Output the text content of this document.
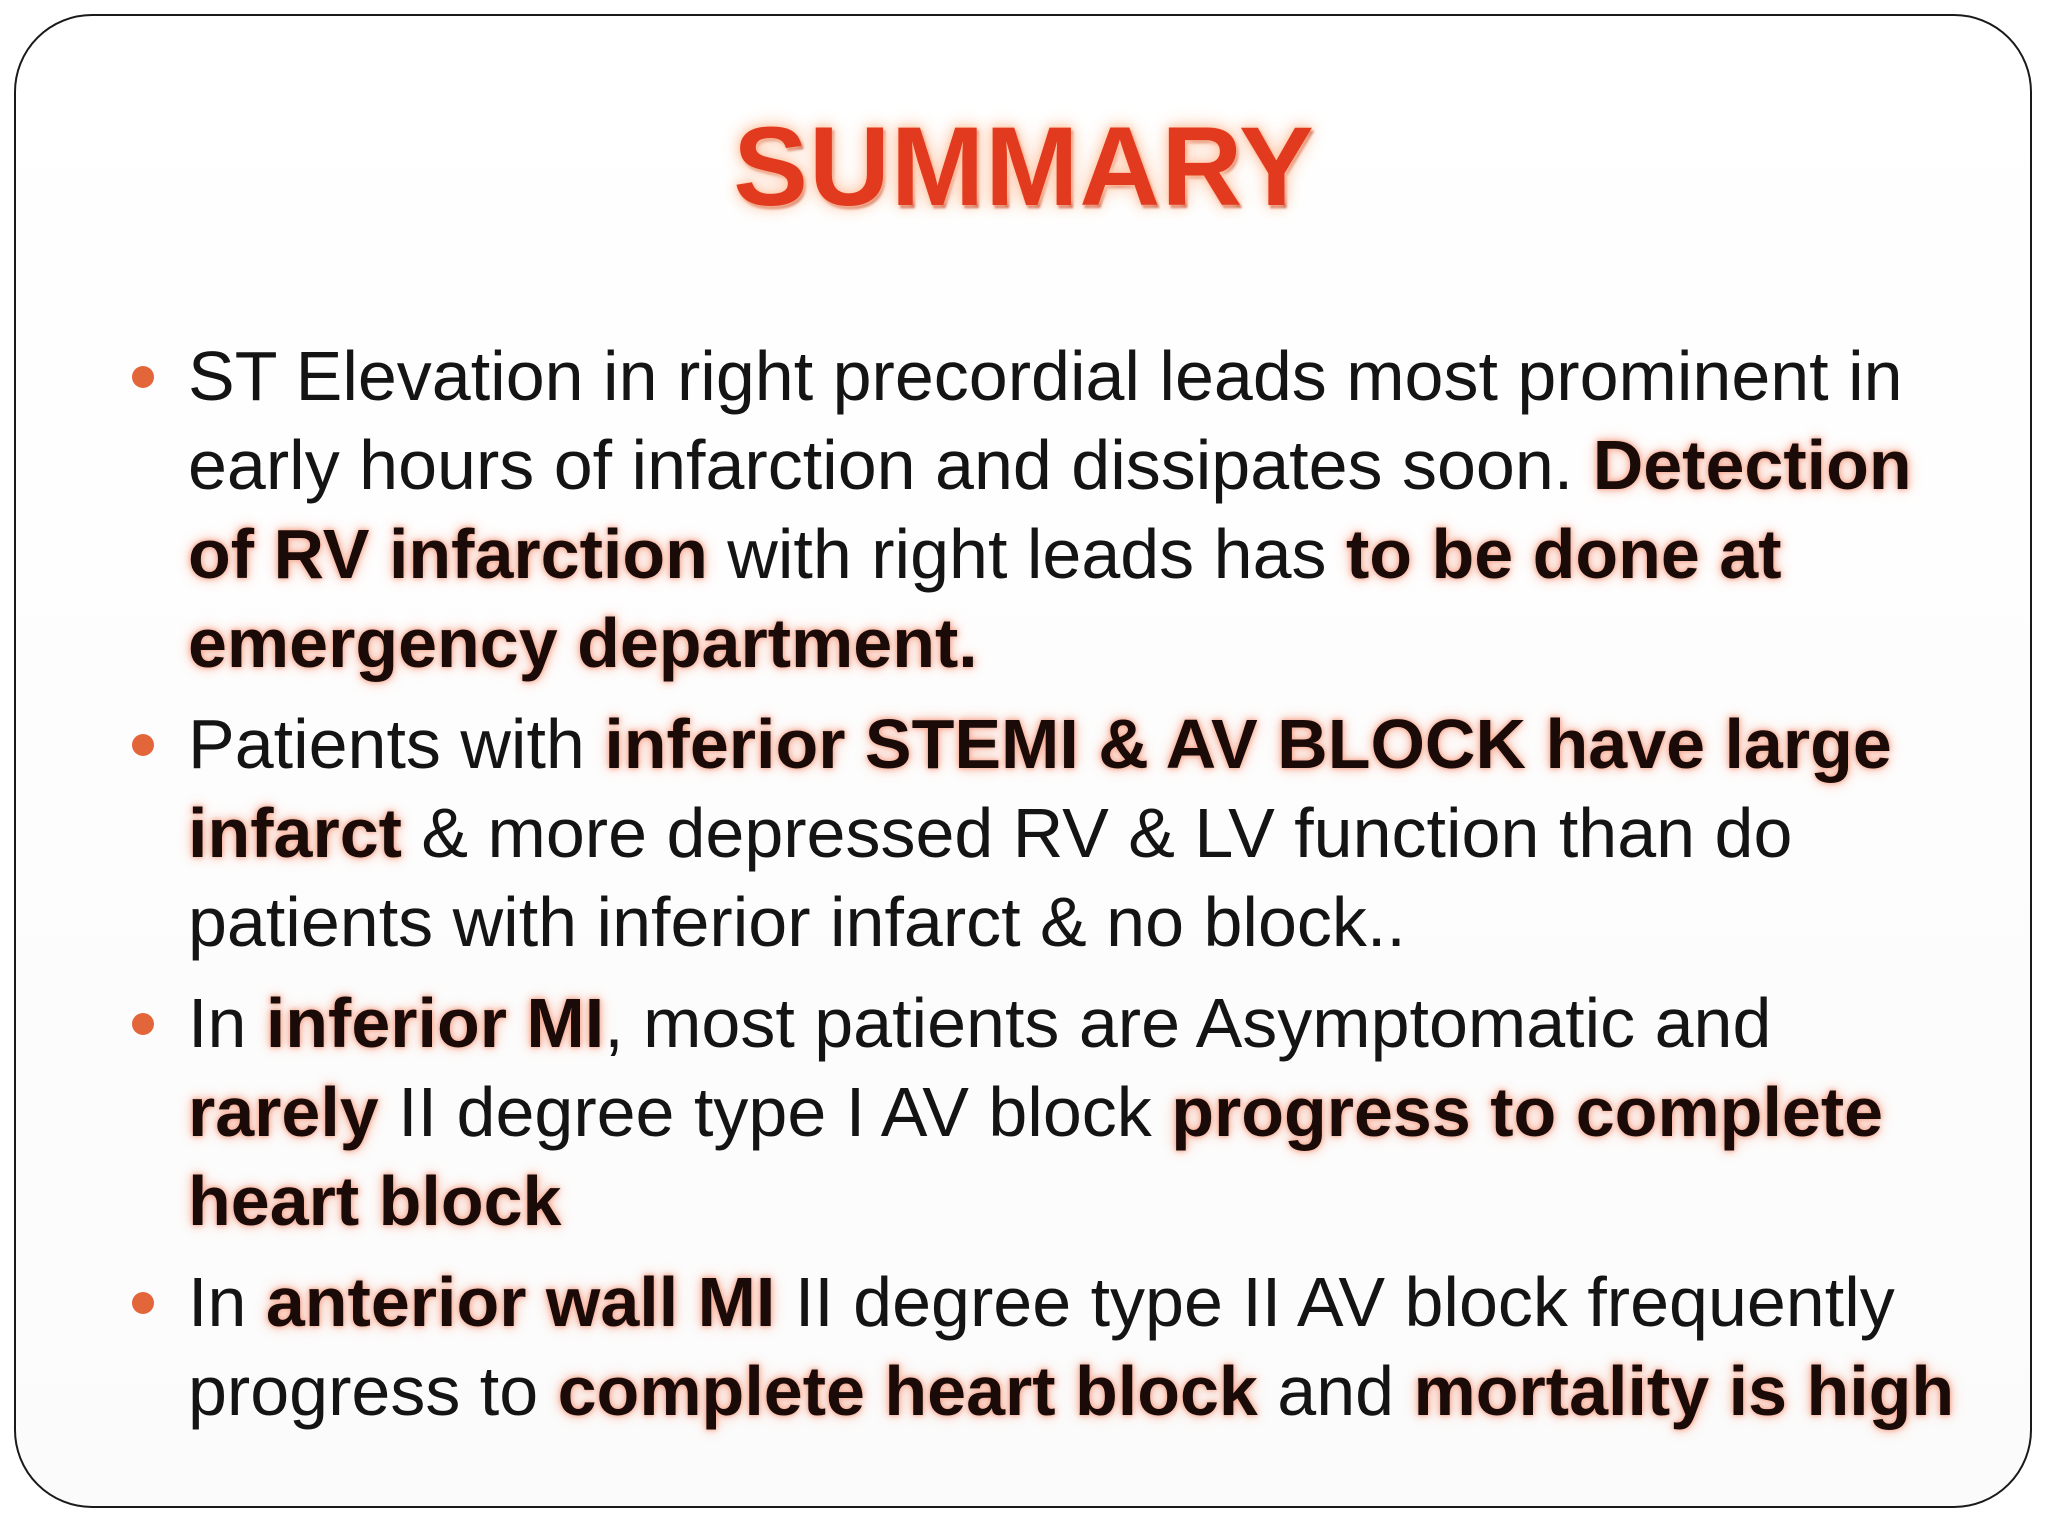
SUMMARY
ST Elevation in right precordial leads most prominent in early hours of infarction and dissipates soon. Detection of RV infarction with right leads has to be done at emergency department.
Patients with inferior STEMI & AV BLOCK have large infarct & more depressed RV & LV function than do patients with inferior infarct & no block..
In inferior MI, most patients are Asymptomatic and rarely II degree type I AV block progress to complete heart block
In anterior wall MI II degree type II AV block frequently progress to complete heart block and mortality is high
